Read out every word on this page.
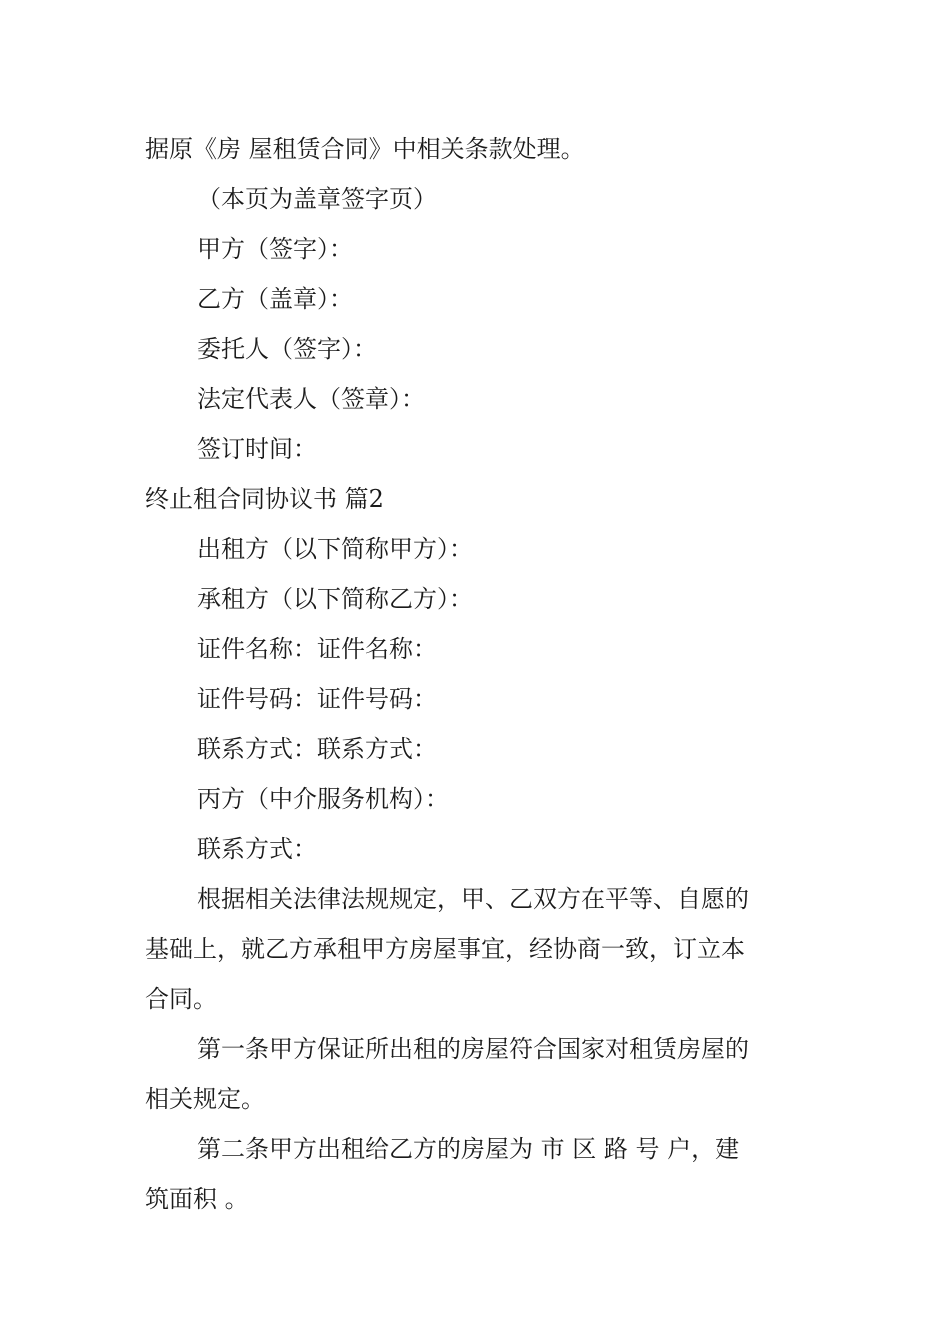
据原《房 屋租赁合同》中相关条款处理。

（本页为盖章签字页）

甲方（签字）：

乙方（盖章）：

委托人（签字）：

法定代表人（签章）：

签订时间：

终止租合同协议书 篇2

出租方（以下简称甲方）：

承租方（以下简称乙方）：

证件名称：证件名称：

证件号码：证件号码：

联系方式：联系方式：

丙方（中介服务机构）：

联系方式：

根据相关法律法规规定，甲、乙双方在平等、自愿的
基础上，就乙方承租甲方房屋事宜，经协商一致，订立本
合同。
第一条甲方保证所出租的房屋符合国家对租赁房屋的
相关规定。
第二条甲方出租给乙方的房屋为 市 区 路 号 户，建
筑面积 。
